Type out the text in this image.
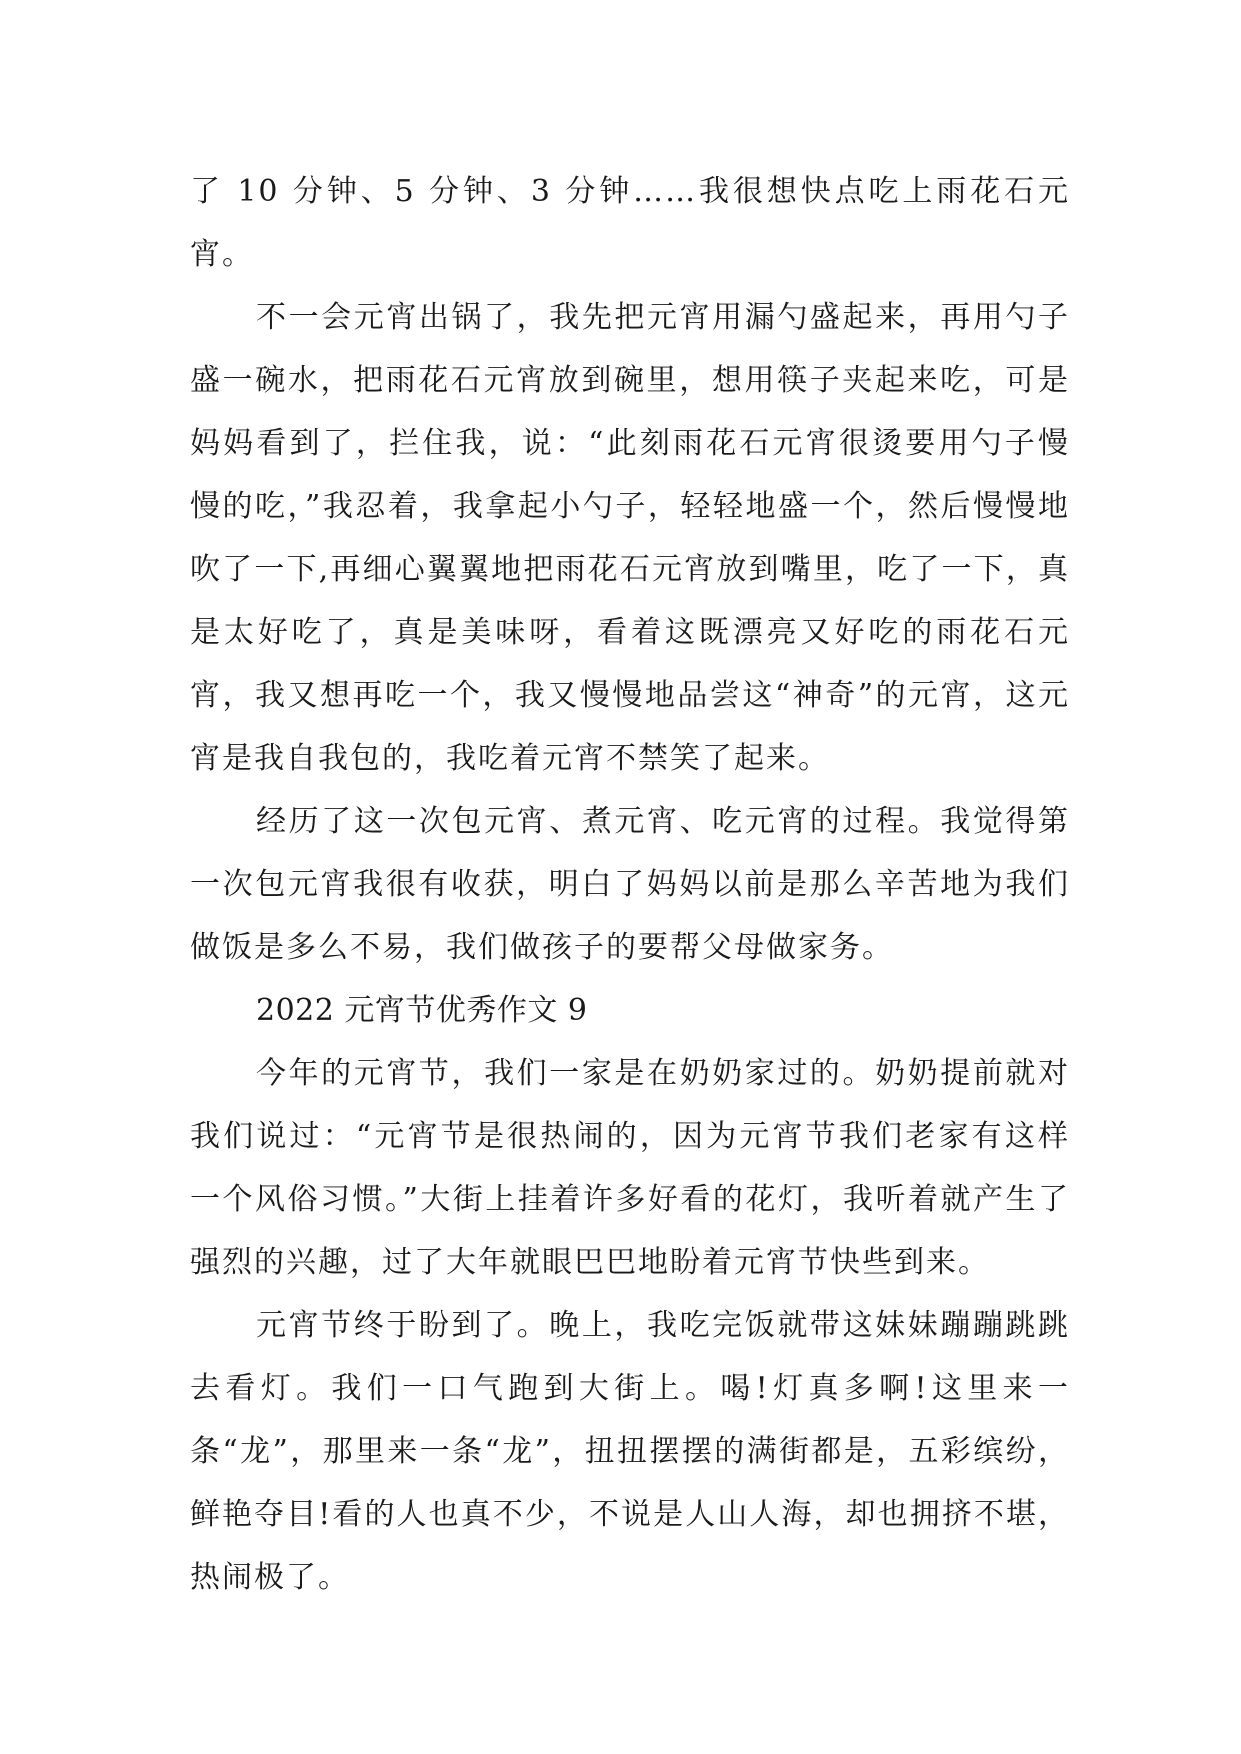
了 10 分钟、5 分钟、3 分钟……我很想快点吃上雨花石元宵。

不一会元宵出锅了，我先把元宵用漏勺盛起来，再用勺子盛一碗水，把雨花石元宵放到碗里，想用筷子夹起来吃，可是妈妈看到了，拦住我，说：“此刻雨花石元宵很烫要用勺子慢慢的吃，”我忍着，我拿起小勺子，轻轻地盛一个，然后慢慢地吹了一下,再细心翼翼地把雨花石元宵放到嘴里，吃了一下，真是太好吃了，真是美味呀，看着这既漂亮又好吃的雨花石元宵，我又想再吃一个，我又慢慢地品尝这“神奇”的元宵，这元宵是我自我包的，我吃着元宵不禁笑了起来。

经历了这一次包元宵、煮元宵、吃元宵的过程。我觉得第一次包元宵我很有收获，明白了妈妈以前是那么辛苦地为我们做饭是多么不易，我们做孩子的要帮父母做家务。

2022 元宵节优秀作文 9

今年的元宵节，我们一家是在奶奶家过的。奶奶提前就对我们说过：“元宵节是很热闹的，因为元宵节我们老家有这样一个风俗习惯。”大街上挂着许多好看的花灯，我听着就产生了强烈的兴趣，过了大年就眼巴巴地盼着元宵节快些到来。

元宵节终于盼到了。晚上，我吃完饭就带这妹妹蹦蹦跳跳去看灯。我们一口气跑到大街上。喝!灯真多啊!这里来一条“龙”，那里来一条“龙”，扭扭摆摆的满街都是，五彩缤纷，鲜艳夺目!看的人也真不少，不说是人山人海，却也拥挤不堪，热闹极了。
